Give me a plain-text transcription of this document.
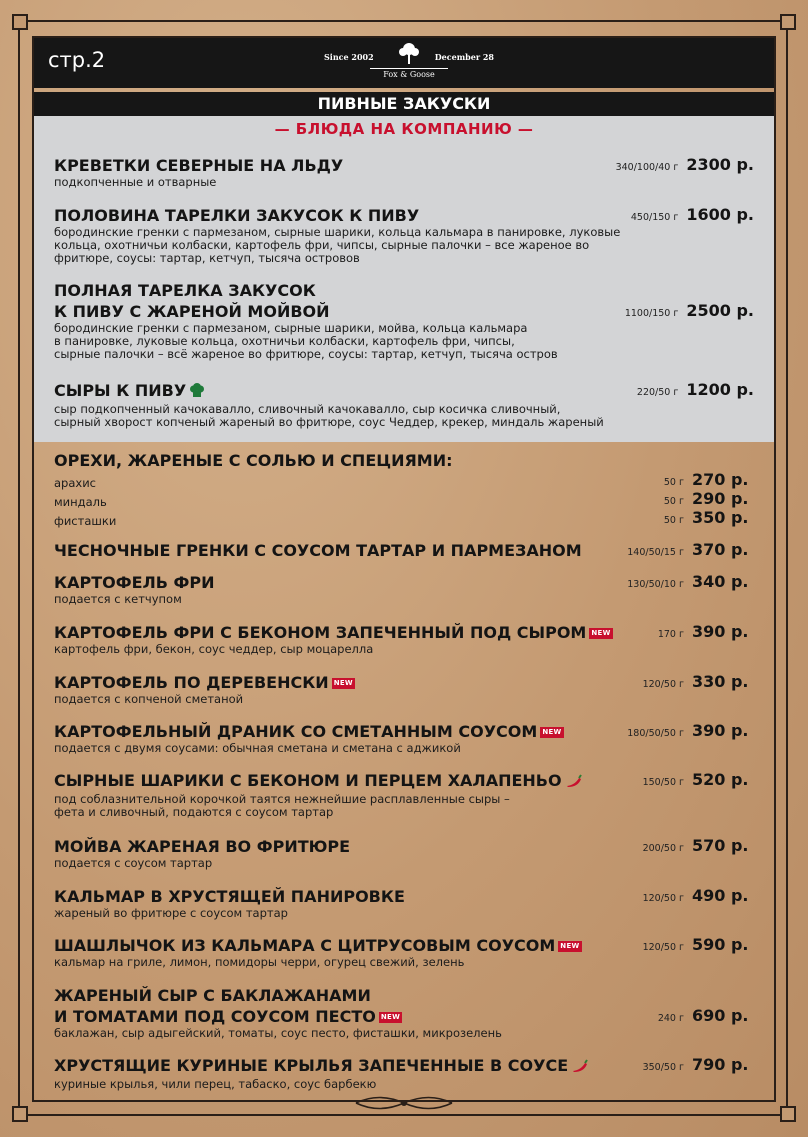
стр.2	Since 2002	December 28
Fox & Goose
ПИВНЫЕ ЗАКУСКИ
— БЛЮДА НА КОМПАНИЮ —
КРЕВЕТКИ СЕВЕРНЫЕ НА ЛЬДУ
подкопченные и отварные
340/100/40 г 2300 р.
ПОЛОВИНА ТАРЕЛКИ ЗАКУСОК К ПИВУ
бородинские гренки с пармезаном, сырные шарики, кольца кальмара в панировке, луковые
кольца, охотничьи колбаски, картофель фри, чипсы, сырные палочки – все жареное во
фритюре, соусы: тартар, кетчуп, тысяча островов
450/150 г 1600 р.
ПОЛНАЯ ТАРЕЛКА ЗАКУСОК
К ПИВУ С ЖАРЕНОЙ МОЙВОЙ
бородинские гренки с пармезаном, сырные шарики, мойва, кольца кальмара
в панировке, луковые кольца, охотничьи колбаски, картофель фри, чипсы,
сырные палочки – всё жареное во фритюре, соусы: тартар, кетчуп, тысяча остров
1100/150 г 2500 р.
СЫРЫ К ПИВУ
сыр подкопченный качокавалло, сливочный качокавалло, сыр косичка сливочный,
сырный хворост копченый жареный во фритюре, соус Чеддер, крекер, миндаль жареный
220/50 г 1200 р.
ОРЕХИ, ЖАРЕНЫЕ С СОЛЬЮ И СПЕЦИЯМИ:
арахис	50 г 270 р.
миндаль	50 г 290 р.
фисташки	50 г 350 р.
ЧЕСНОЧНЫЕ ГРЕНКИ С СОУСОМ ТАРТАР И ПАРМЕЗАНОМ	140/50/15 г 370 р.
КАРТОФЕЛЬ ФРИ
подается с кетчупом
130/50/10 г 340 р.
КАРТОФЕЛЬ ФРИ С БЕКОНОМ ЗАПЕЧЕННЫЙ ПОД СЫРОМ NEW
картофель фри, бекон, соус чеддер, сыр моцарелла
170 г 390 р.
КАРТОФЕЛЬ ПО ДЕРЕВЕНСКИ NEW
подается с копченой сметаной
120/50 г 330 р.
КАРТОФЕЛЬНЫЙ ДРАНИК СО СМЕТАННЫМ СОУСОМ NEW
подается с двумя соусами: обычная сметана и сметана с аджикой
180/50/50 г 390 р.
СЫРНЫЕ ШАРИКИ С БЕКОНОМ И ПЕРЦЕМ ХАЛАПЕНЬО
под соблазнительной корочкой таятся нежнейшие расплавленные сыры –
фета и сливочный, подаются с соусом тартар
150/50 г 520 р.
МОЙВА ЖАРЕНАЯ ВО ФРИТЮРЕ
подается с соусом тартар
200/50 г 570 р.
КАЛЬМАР В ХРУСТЯЩЕЙ ПАНИРОВКЕ
жареный во фритюре с соусом тартар
120/50 г 490 р.
ШАШЛЫЧОК ИЗ КАЛЬМАРА С ЦИТРУСОВЫМ СОУСОМ NEW
кальмар на гриле, лимон, помидоры черри, огурец свежий, зелень
120/50 г 590 р.
ЖАРЕНЫЙ СЫР С БАКЛАЖАНАМИ
И ТОМАТАМИ ПОД СОУСОМ ПЕСТО NEW
баклажан, сыр адыгейский, томаты, соус песто, фисташки, микрозелень
240 г 690 р.
ХРУСТЯЩИЕ КУРИНЫЕ КРЫЛЬЯ ЗАПЕЧЕННЫЕ В СОУСЕ
куриные крылья, чили перец, табаско, соус барбекю
350/50 г 790 р.
